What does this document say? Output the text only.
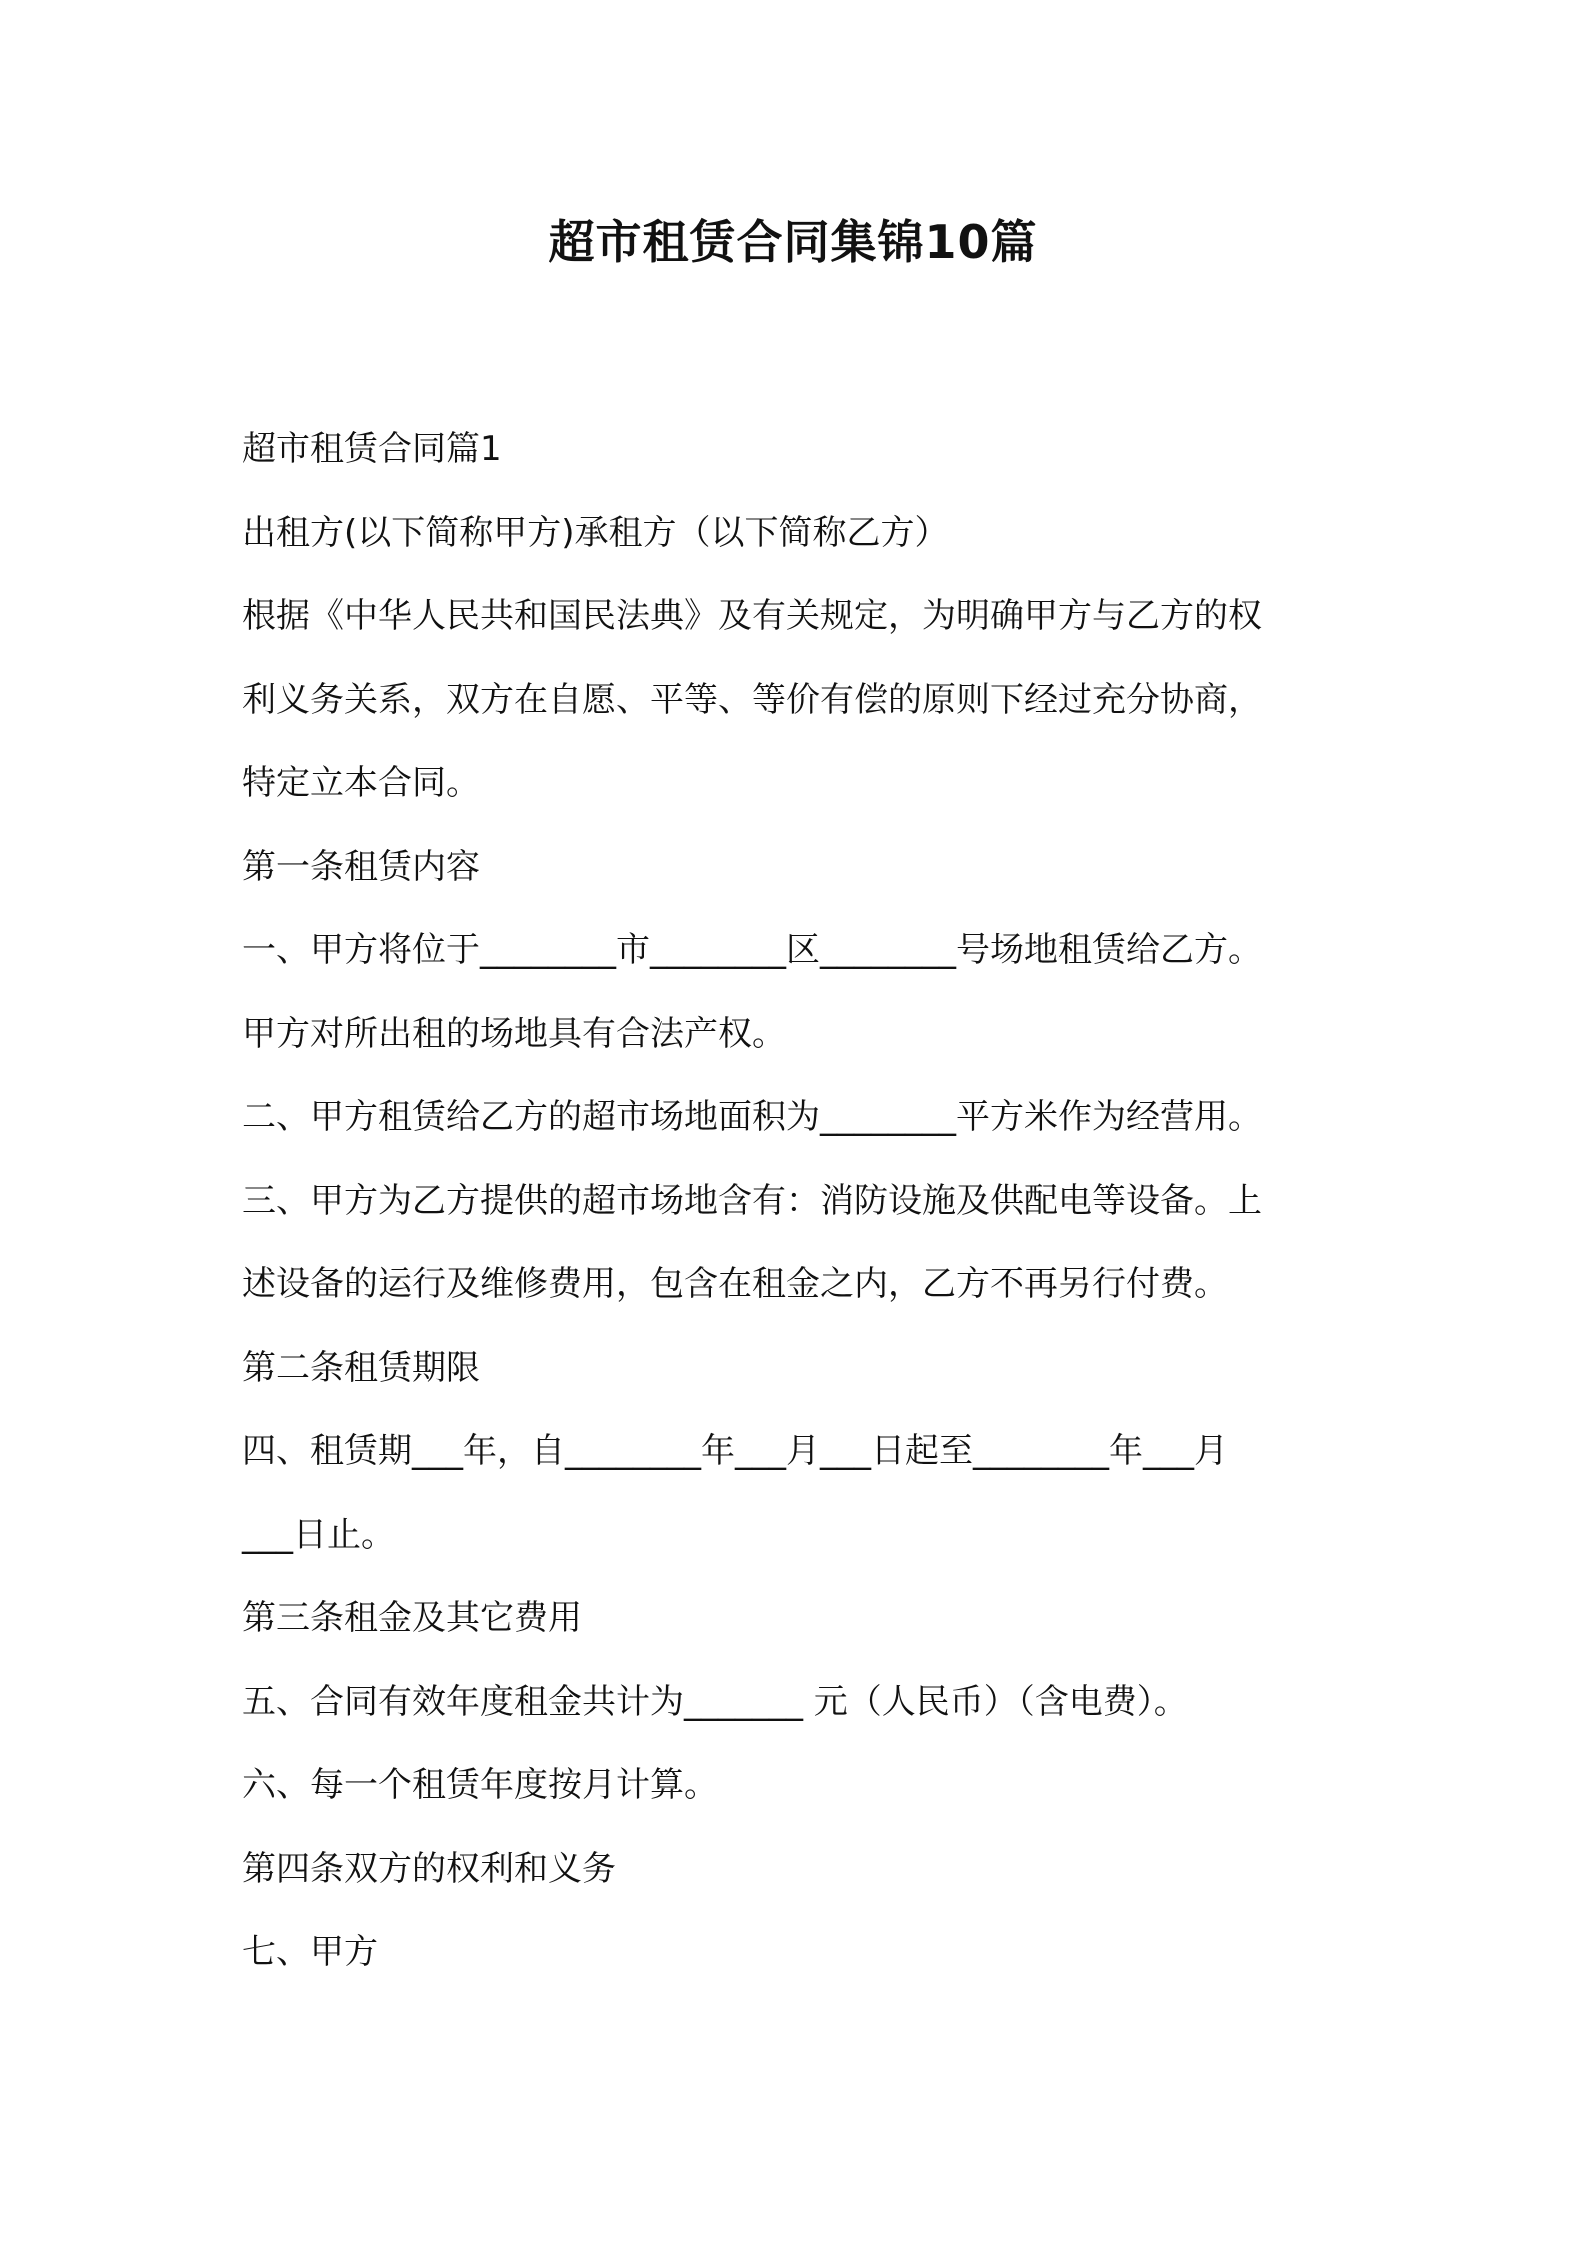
超市租赁合同集锦10篇
超市租赁合同篇1
出租方(以下简称甲方)承租方（以下简称乙方）
根据《中华人民共和国民法典》及有关规定，为明确甲方与乙方的权
利义务关系，双方在自愿、平等、等价有偿的原则下经过充分协商，
特定立本合同。
第一条租赁内容
一、甲方将位于________市________区________号场地租赁给乙方。
甲方对所出租的场地具有合法产权。
二、甲方租赁给乙方的超市场地面积为________平方米作为经营用。
三、甲方为乙方提供的超市场地含有：消防设施及供配电等设备。上
述设备的运行及维修费用，包含在租金之内，乙方不再另行付费。
第二条租赁期限
四、租赁期___年，自________年___月___日起至________年___月
___日止。
第三条租金及其它费用
五、合同有效年度租金共计为_______ 元（人民币）（含电费）。
六、每一个租赁年度按月计算。
第四条双方的权利和义务
七、甲方
